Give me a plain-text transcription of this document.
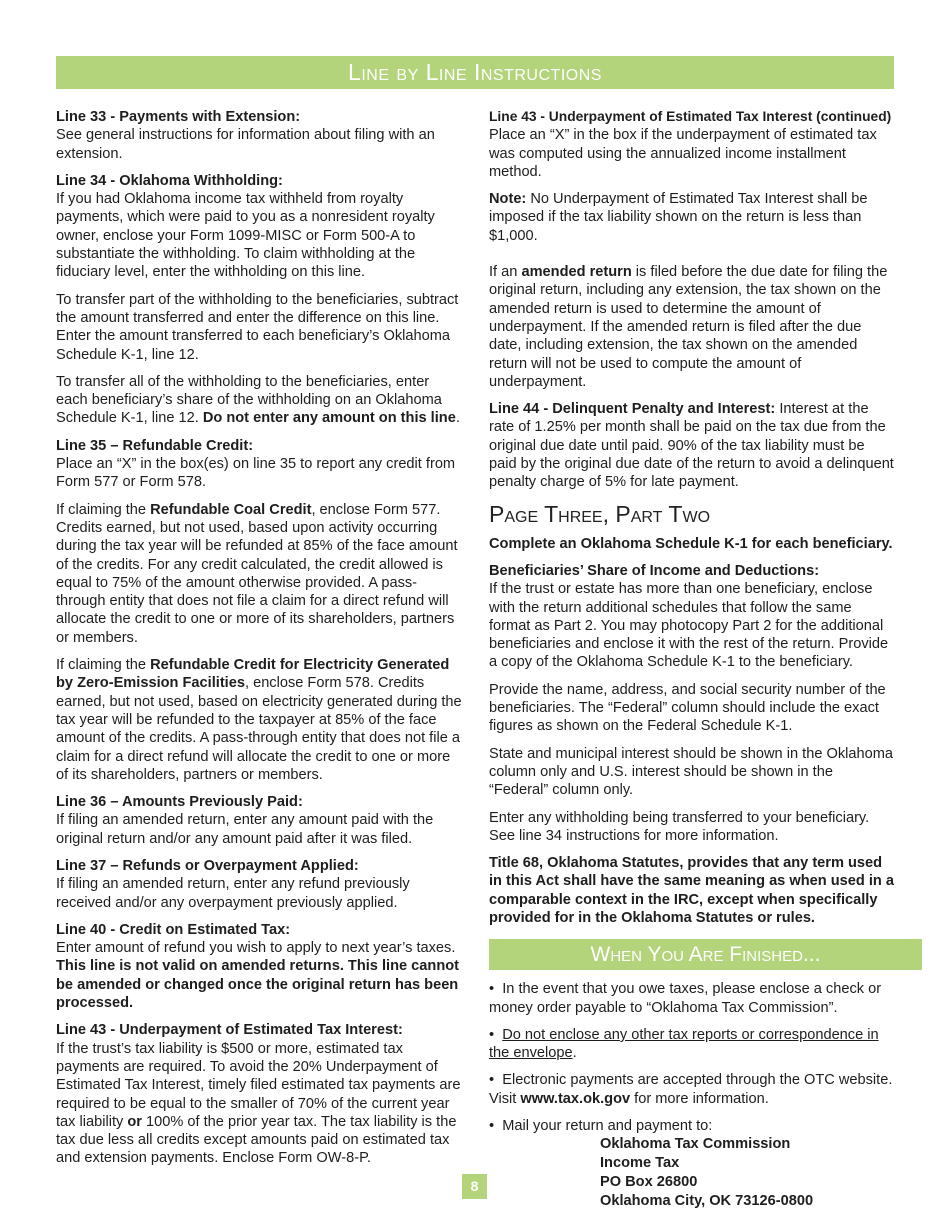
Line by Line Instructions

Line 33 - Payments with Extension:
See general instructions for information about filing with an extension.

Line 34 - Oklahoma Withholding:
If you had Oklahoma income tax withheld from royalty payments, which were paid to you as a nonresident royalty owner, enclose your Form 1099-MISC or Form 500-A to substantiate the withholding. To claim withholding at the fiduciary level, enter the withholding on this line.

To transfer part of the withholding to the beneficiaries, subtract the amount transferred and enter the difference on this line. Enter the amount transferred to each beneficiary’s Oklahoma Schedule K-1, line 12.

To transfer all of the withholding to the beneficiaries, enter each beneficiary’s share of the withholding on an Oklahoma Schedule K-1, line 12. Do not enter any amount on this line.

Line 35 – Refundable Credit:
Place an “X” in the box(es) on line 35 to report any credit from Form 577 or Form 578.

If claiming the Refundable Coal Credit, enclose Form 577. Credits earned, but not used, based upon activity occurring during the tax year will be refunded at 85% of the face amount of the credits. For any credit calculated, the credit allowed is equal to 75% of the amount otherwise provided. A pass-through entity that does not file a claim for a direct refund will allocate the credit to one or more of its shareholders, partners or members.

If claiming the Refundable Credit for Electricity Generated by Zero-Emission Facilities, enclose Form 578. Credits earned, but not used, based on electricity generated during the tax year will be refunded to the taxpayer at 85% of the face amount of the credits. A pass-through entity that does not file a claim for a direct refund will allocate the credit to one or more of its shareholders, partners or members.

Line 36 – Amounts Previously Paid:
If filing an amended return, enter any amount paid with the original return and/or any amount paid after it was filed.

Line 37 – Refunds or Overpayment Applied:
If filing an amended return, enter any refund previously received and/or any overpayment previously applied.

Line 40 - Credit on Estimated Tax:
Enter amount of refund you wish to apply to next year’s taxes. This line is not valid on amended returns. This line cannot be amended or changed once the original return has been processed.

Line 43 - Underpayment of Estimated Tax Interest:
If the trust’s tax liability is $500 or more, estimated tax payments are required. To avoid the 20% Underpayment of Estimated Tax Interest, timely filed estimated tax payments are required to be equal to the smaller of 70% of the current year tax liability or 100% of the prior year tax. The tax liability is the tax due less all credits except amounts paid on estimated tax and extension payments. Enclose Form OW-8-P.

Line 43 - Underpayment of Estimated Tax Interest (continued)
Place an “X” in the box if the underpayment of estimated tax was computed using the annualized income installment method.

Note: No Underpayment of Estimated Tax Interest shall be imposed if the tax liability shown on the return is less than $1,000.

If an amended return is filed before the due date for filing the original return, including any extension, the tax shown on the amended return is used to determine the amount of underpayment. If the amended return is filed after the due date, including extension, the tax shown on the amended return will not be used to compute the amount of underpayment.

Line 44 - Delinquent Penalty and Interest: Interest at the rate of 1.25% per month shall be paid on the tax due from the original due date until paid. 90% of the tax liability must be paid by the original due date of the return to avoid a delinquent penalty charge of 5% for late payment.

Page Three, Part Two

Complete an Oklahoma Schedule K-1 for each beneficiary.

Beneficiaries’ Share of Income and Deductions:
If the trust or estate has more than one beneficiary, enclose with the return additional schedules that follow the same format as Part 2. You may photocopy Part 2 for the additional beneficiaries and enclose it with the rest of the return. Provide a copy of the Oklahoma Schedule K-1 to the beneficiary.

Provide the name, address, and social security number of the beneficiaries. The “Federal” column should include the exact figures as shown on the Federal Schedule K-1.

State and municipal interest should be shown in the Oklahoma column only and U.S. interest should be shown in the “Federal” column only.

Enter any withholding being transferred to your beneficiary. See line 34 instructions for more information.

Title 68, Oklahoma Statutes, provides that any term used in this Act shall have the same meaning as when used in a comparable context in the IRC, except when specifically provided for in the Oklahoma Statutes or rules.

When You Are Finished...

•  In the event that you owe taxes, please enclose a check or money order payable to “Oklahoma Tax Commission”.

•  Do not enclose any other tax reports or correspondence in the envelope.

•  Electronic payments are accepted through the OTC website. Visit www.tax.ok.gov for more information.

•  Mail your return and payment to:

Oklahoma Tax Commission
Income Tax
PO Box 26800
Oklahoma City, OK 73126-0800
8
